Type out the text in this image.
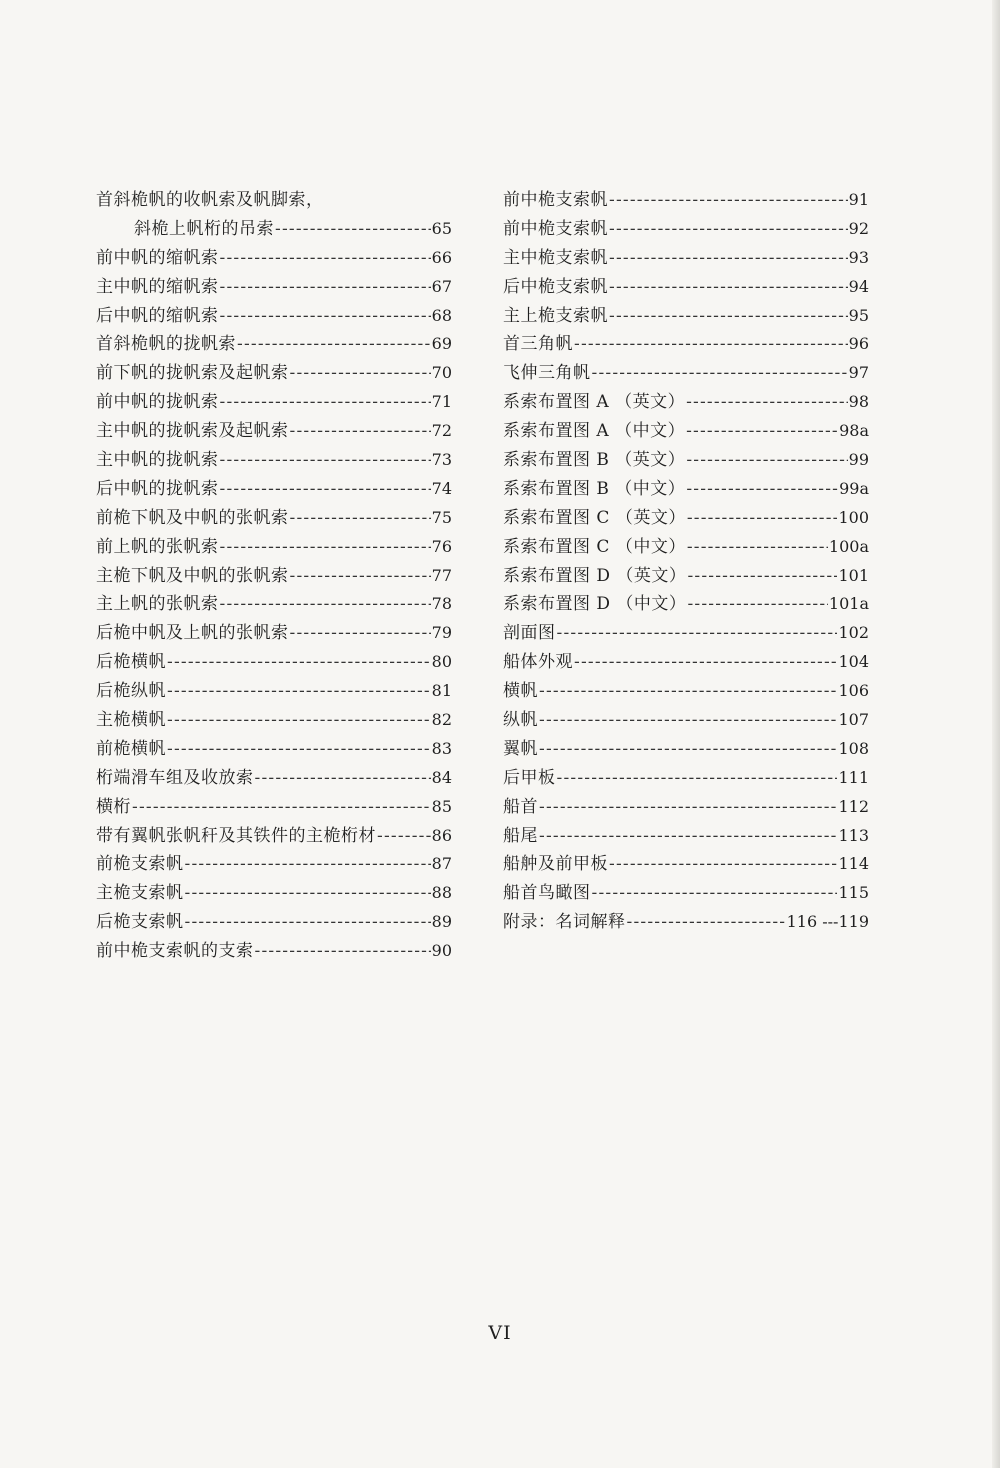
首斜桅帆的收帆索及帆脚索，
斜桅上帆桁的吊索 -----	65
前中帆的缩帆索 -----	66
主中帆的缩帆索 -----	67
后中帆的缩帆索 -----	68
首斜桅帆的拢帆索 -----	69
前下帆的拢帆索及起帆索 -----	70
前中帆的拢帆索 -----	71
主中帆的拢帆索及起帆索 -----	72
主中帆的拢帆索 -----	73
后中帆的拢帆索 -----	74
前桅下帆及中帆的张帆索 -----	75
前上帆的张帆索 -----	76
主桅下帆及中帆的张帆索 -----	77
主上帆的张帆索 -----	78
后桅中帆及上帆的张帆索 -----	79
后桅横帆 -----	80
后桅纵帆 -----	81
主桅横帆 -----	82
前桅横帆 -----	83
桁端滑车组及收放索 -----	84
横桁 -----	85
带有翼帆张帆秆及其铁件的主桅桁材 -----	86
前桅支索帆 -----	87
主桅支索帆 -----	88
后桅支索帆 -----	89
前中桅支索帆的支索 -----	90
前中桅支索帆 -----	91
前中桅支索帆 -----	92
主中桅支索帆 -----	93
后中桅支索帆 -----	94
主上桅支索帆 -----	95
首三角帆 -----	96
飞伸三角帆 -----	97
系索布置图 A （英文） -----	98
系索布置图 A （中文） -----	98a
系索布置图 B （英文） -----	99
系索布置图 B （中文） -----	99a
系索布置图 C （英文） -----	100
系索布置图 C （中文） -----	100a
系索布置图 D （英文） -----	101
系索布置图 D （中文） -----	101a
剖面图 -----	102
船体外观 -----	104
横帆 -----	106
纵帆 -----	107
翼帆 -----	108
后甲板 -----	111
船首 -----	112
船尾 -----	113
船舯及前甲板 -----	114
船首鸟瞰图 -----	115
附录：名词解释 -----	116 ---119
VI
